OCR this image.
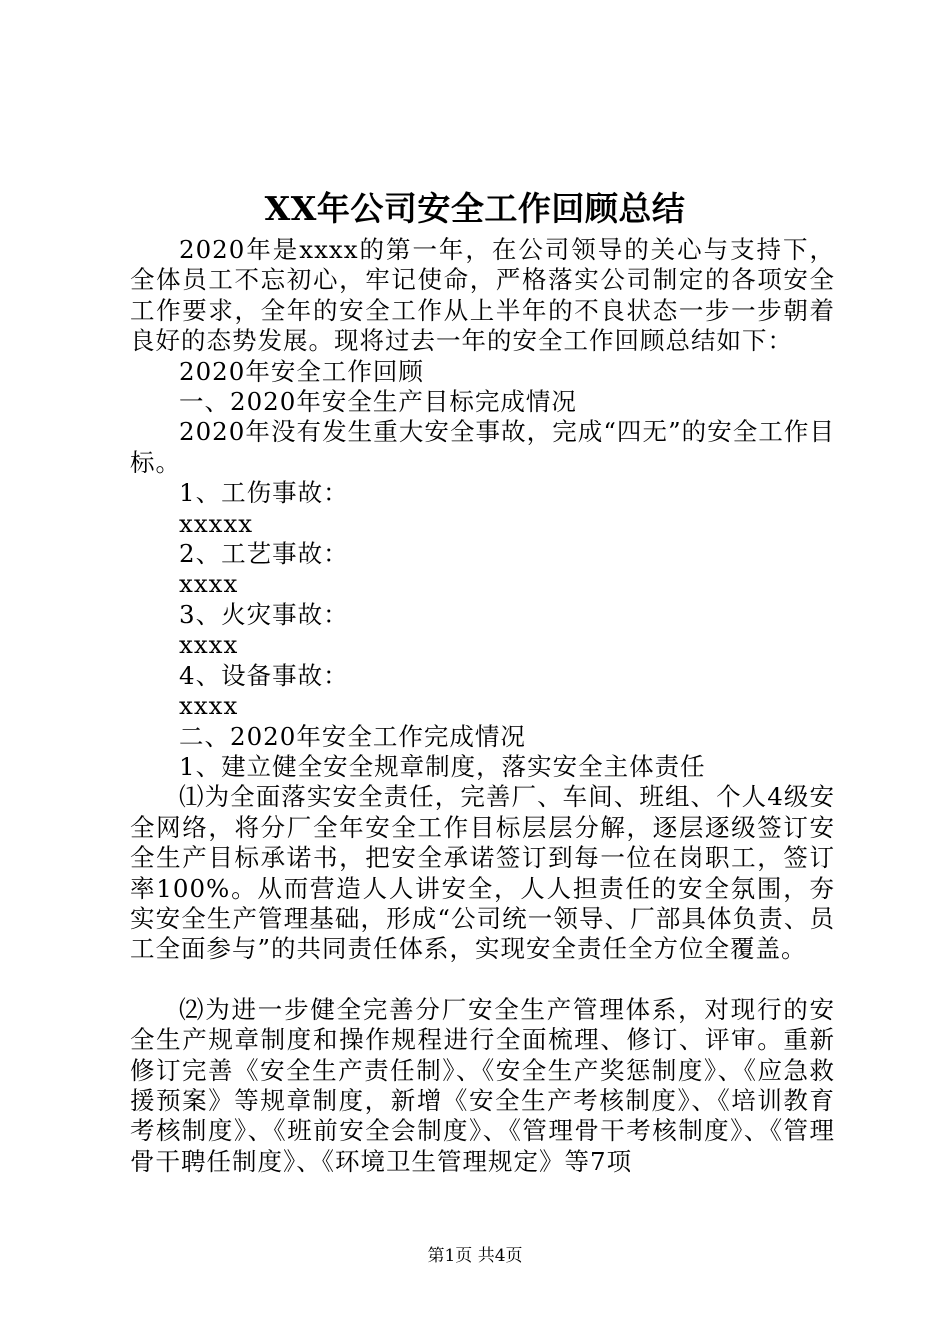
XX年公司安全工作回顾总结

2020年是xxxx的第一年，在公司领导的关心与支持下，全体员工不忘初心，牢记使命，严格落实公司制定的各项安全工作要求，全年的安全工作从上半年的不良状态一步一步朝着良好的态势发展。现将过去一年的安全工作回顾总结如下：

2020年安全工作回顾

一、2020年安全生产目标完成情况

2020年没有发生重大安全事故，完成“四无”的安全工作目标。

1、工伤事故：

xxxxx

2、工艺事故：

xxxx

3、火灾事故：

xxxx

4、设备事故：

xxxx

二、2020年安全工作完成情况

1、建立健全安全规章制度，落实安全主体责任

⑴为全面落实安全责任，完善厂、车间、班组、个人4级安全网络，将分厂全年安全工作目标层层分解，逐层逐级签订安全生产目标承诺书，把安全承诺签订到每一位在岗职工，签订率100%。从而营造人人讲安全，人人担责任的安全氛围，夯实安全生产管理基础，形成“公司统一领导、厂部具体负责、员工全面参与”的共同责任体系，实现安全责任全方位全覆盖。

⑵为进一步健全完善分厂安全生产管理体系，对现行的安全生产规章制度和操作规程进行全面梳理、修订、评审。重新修订完善《安全生产责任制》、《安全生产奖惩制度》、《应急救援预案》等规章制度，新增《安全生产考核制度》、《培训教育考核制度》、《班前安全会制度》、《管理骨干考核制度》、《管理骨干聘任制度》、《环境卫生管理规定》等7项

第1页 共4页
